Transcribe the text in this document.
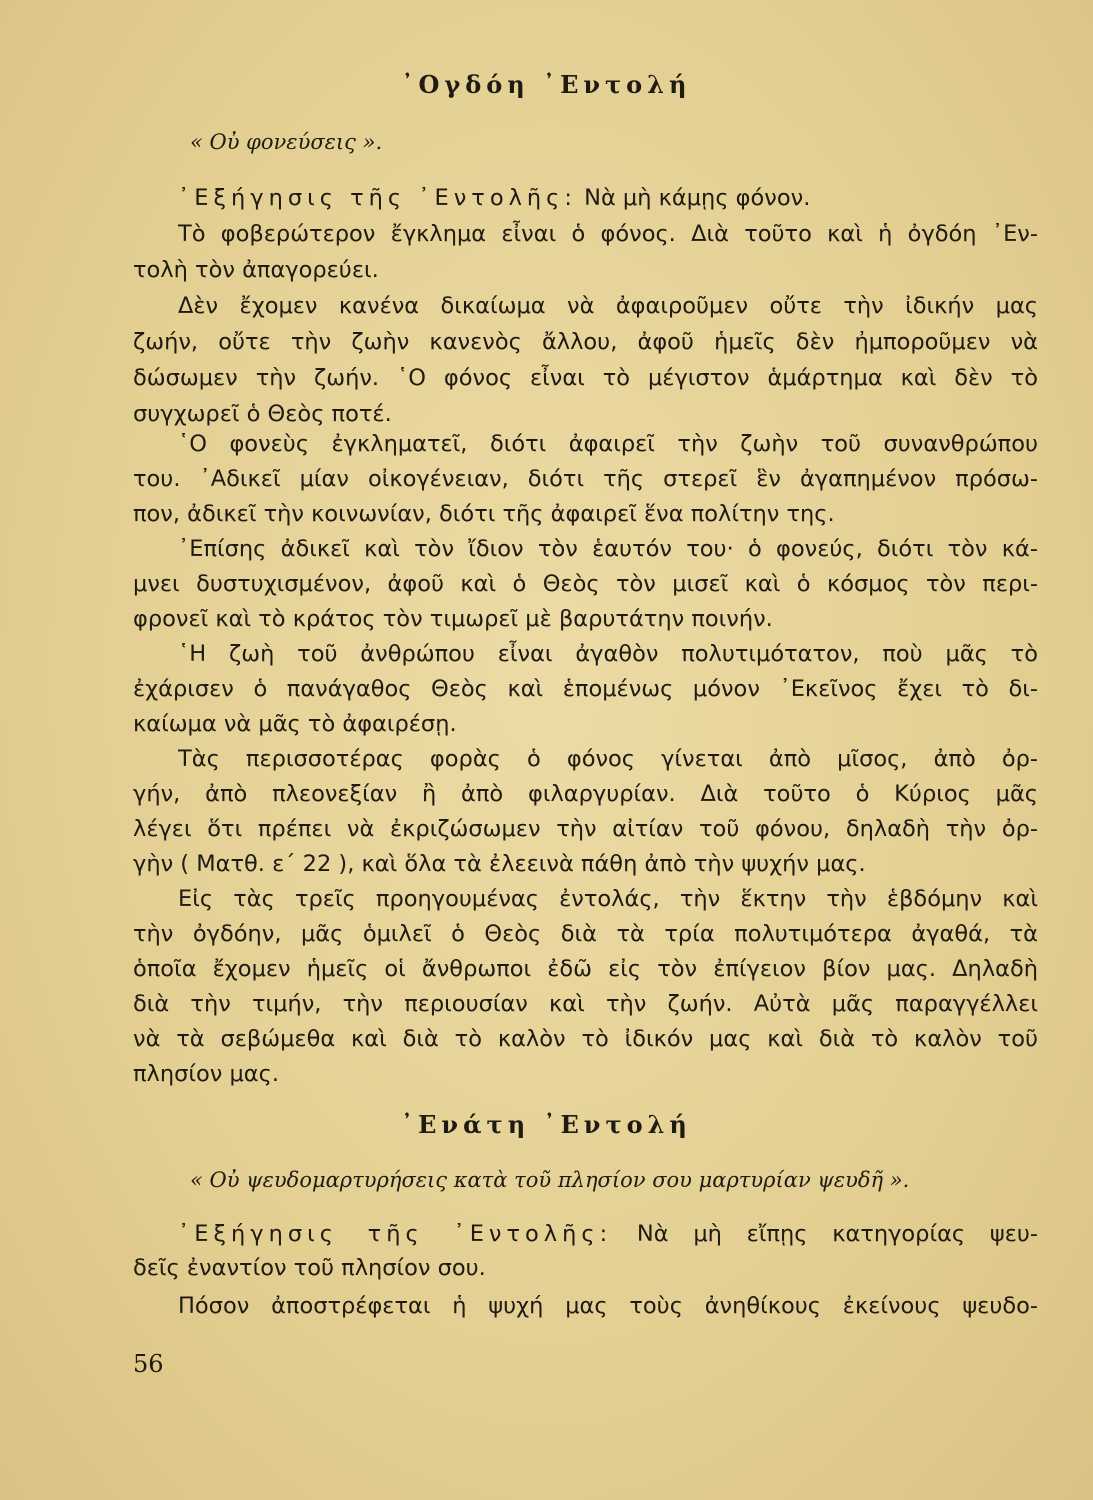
᾿Ογδόη ᾿Εντολή
« Οὐ φονεύσεις ».
᾿Εξήγησις τῆς ᾿Εντολῆς: Νὰ μὴ κάμῃς φόνον.
Τὸ φοβερώτερον ἔγκλημα εἶναι ὁ φόνος. Διὰ τοῦτο καὶ ἡ ὀγδόη ᾿Εν-
τολὴ τὸν ἀπαγορεύει.
Δὲν ἔχομεν κανένα δικαίωμα νὰ ἀφαιροῦμεν οὔτε τὴν ἰδικήν μας
ζωήν, οὔτε τὴν ζωὴν κανενὸς ἄλλου, ἀφοῦ ἡμεῖς δὲν ἠμποροῦμεν νὰ
δώσωμεν τὴν ζωήν. ῾Ο φόνος εἶναι τὸ μέγιστον ἁμάρτημα καὶ δὲν τὸ
συγχωρεῖ ὁ Θεὸς ποτέ.
῾Ο φονεὺς ἐγκληματεῖ, διότι ἀφαιρεῖ τὴν ζωὴν τοῦ συνανθρώπου
του. ᾿Αδικεῖ μίαν οἰκογένειαν, διότι τῆς στερεῖ ἓν ἀγαπημένον πρόσω-
πον, ἀδικεῖ τὴν κοινωνίαν, διότι τῆς ἀφαιρεῖ ἕνα πολίτην της.
᾿Επίσης ἀδικεῖ καὶ τὸν ἴδιον τὸν ἑαυτόν του· ὁ φονεύς, διότι τὸν κά-
μνει δυστυχισμένον, ἀφοῦ καὶ ὁ Θεὸς τὸν μισεῖ καὶ ὁ κόσμος τὸν περι-
φρονεῖ καὶ τὸ κράτος τὸν τιμωρεῖ μὲ βαρυτάτην ποινήν.
῾Η ζωὴ τοῦ ἀνθρώπου εἶναι ἀγαθὸν πολυτιμότατον, ποὺ μᾶς τὸ
ἐχάρισεν ὁ πανάγαθος Θεὸς καὶ ἑπομένως μόνον ᾿Εκεῖνος ἔχει τὸ δι-
καίωμα νὰ μᾶς τὸ ἀφαιρέσῃ.
Τὰς περισσοτέρας φορὰς ὁ φόνος γίνεται ἀπὸ μῖσος, ἀπὸ ὀρ-
γήν, ἀπὸ πλεονεξίαν ἢ ἀπὸ φιλαργυρίαν. Διὰ τοῦτο ὁ Κύριος μᾶς
λέγει ὅτι πρέπει νὰ ἐκριζώσωμεν τὴν αἰτίαν τοῦ φόνου, δηλαδὴ τὴν ὀρ-
γὴν ( Ματθ. ε΄ 22 ), καὶ ὅλα τὰ ἐλεεινὰ πάθη ἀπὸ τὴν ψυχήν μας.
Εἰς τὰς τρεῖς προηγουμένας ἐντολάς, τὴν ἕκτην τὴν ἑβδόμην καὶ
τὴν ὀγδόην, μᾶς ὁμιλεῖ ὁ Θεὸς διὰ τὰ τρία πολυτιμότερα ἀγαθά, τὰ
ὁποῖα ἔχομεν ἡμεῖς οἱ ἄνθρωποι ἐδῶ εἰς τὸν ἐπίγειον βίον μας. Δηλαδὴ
διὰ τὴν τιμήν, τὴν περιουσίαν καὶ τὴν ζωήν. Αὐτὰ μᾶς παραγγέλλει
νὰ τὰ σεβώμεθα καὶ διὰ τὸ καλὸν τὸ ἰδικόν μας καὶ διὰ τὸ καλὸν τοῦ
πλησίον μας.
᾿Ενάτη ᾿Εντολή
« Οὐ ψευδομαρτυρήσεις κατὰ τοῦ πλησίον σου μαρτυρίαν ψευδῆ ».
᾿Εξήγησις τῆς ᾿Εντολῆς: Νὰ μὴ εἴπῃς κατηγορίας ψευ-
δεῖς ἐναντίον τοῦ πλησίον σου.
Πόσον ἀποστρέφεται ἡ ψυχή μας τοὺς ἀνηθίκους ἐκείνους ψευδο-
56
